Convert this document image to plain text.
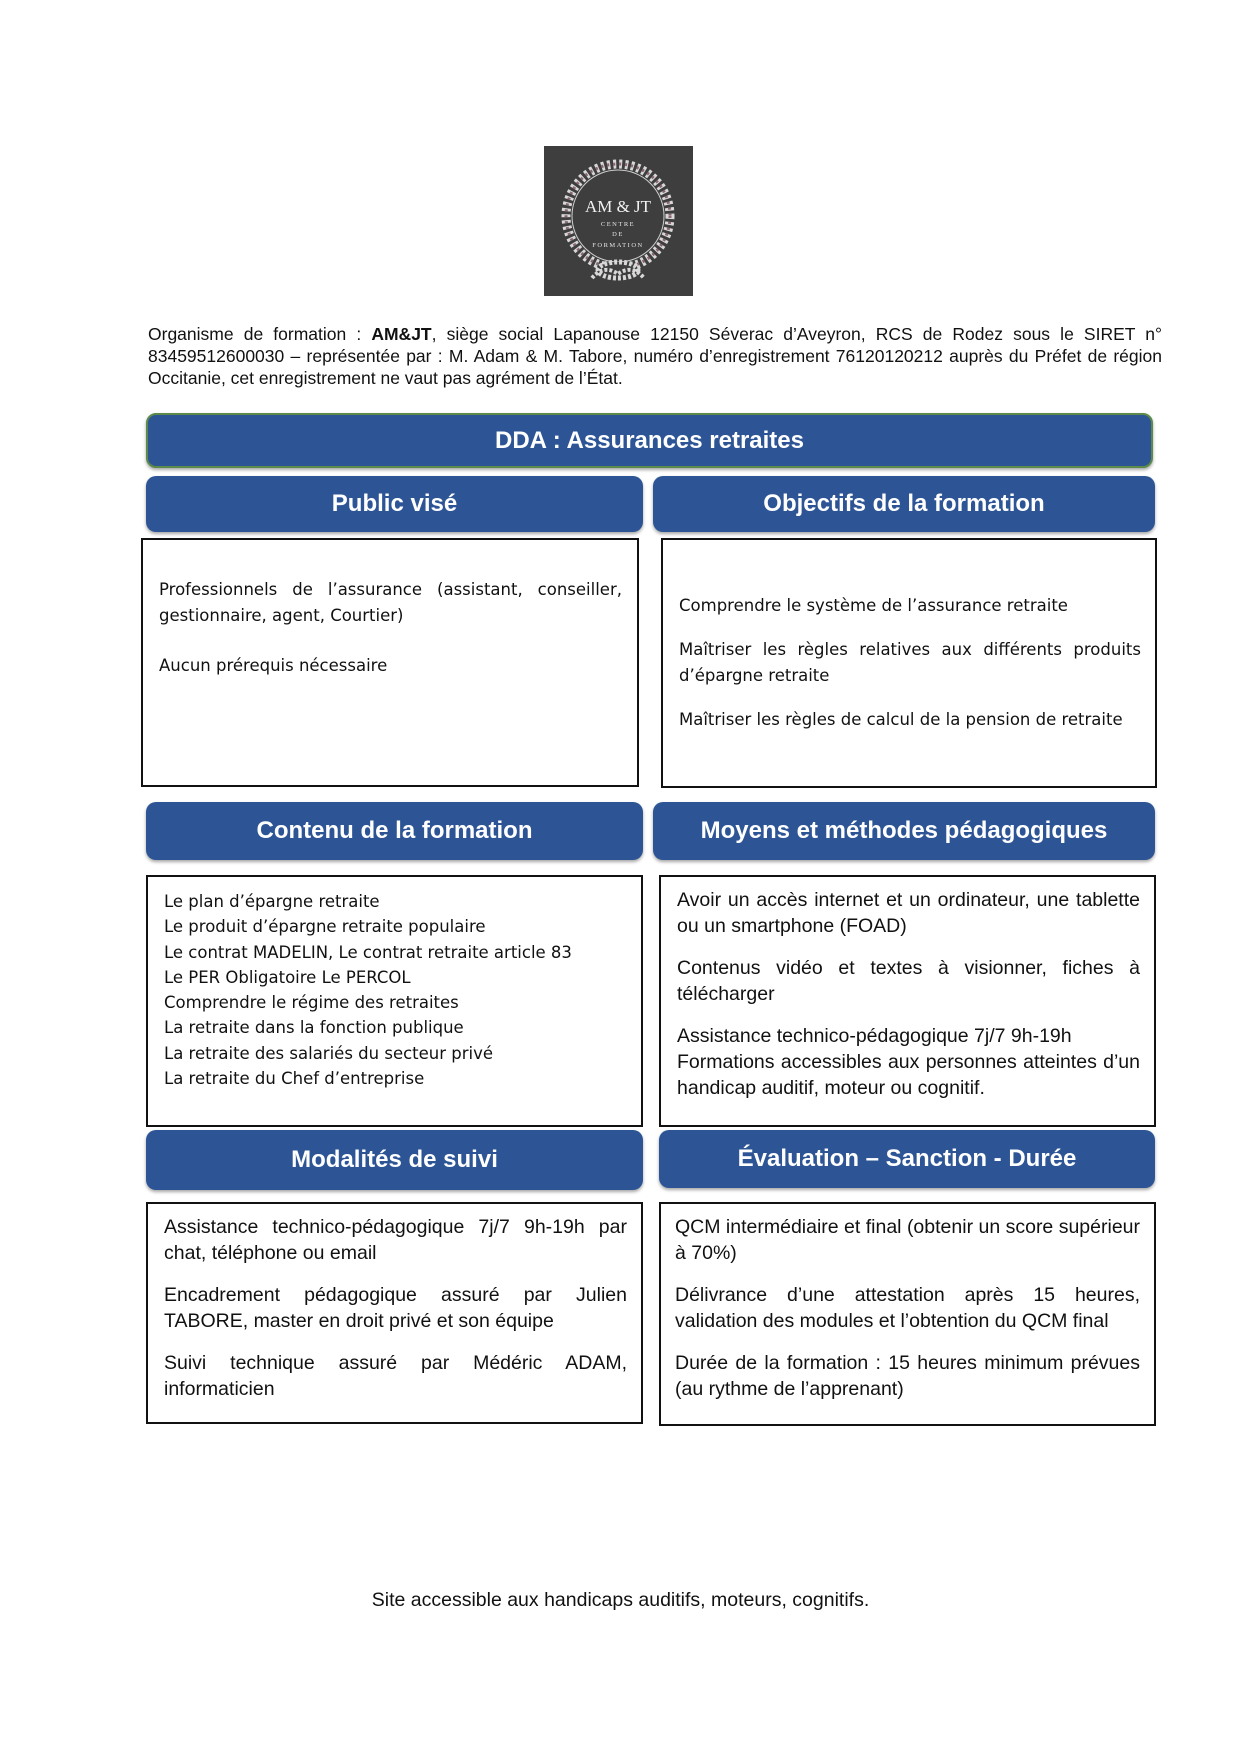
AM & JT
CENTRE
DE
FORMATION
Organisme de formation : AM&JT, siège social Lapanouse 12150 Séverac d’Aveyron, RCS de Rodez sous le SIRET n° 83459512600030 – représentée par : M. Adam & M. Tabore, numéro d’enregistrement 76120120212 auprès du Préfet de région Occitanie, cet enregistrement ne vaut pas agrément de l’État.
DDA : Assurances retraites
Public visé	Objectifs de la formation

Professionnels de l’assurance (assistant, conseiller, gestionnaire, agent, Courtier)

Aucun prérequis nécessaire

Comprendre le système de l’assurance retraite

Maîtriser les règles relatives aux différents produits d’épargne retraite

Maîtriser les règles de calcul de la pension de retraite

Contenu de la formation	Moyens et méthodes pédagogiques

Le plan d’épargne retraite

Le produit d’épargne retraite populaire

Le contrat MADELIN, Le contrat retraite article 83

Le PER Obligatoire Le PERCOL

Comprendre le régime des retraites

La retraite dans la fonction publique

La retraite des salariés du secteur privé

La retraite du Chef d’entreprise

Avoir un accès internet et un ordinateur, une tablette ou un smartphone (FOAD)

Contenus vidéo et textes à visionner, fiches à télécharger

Assistance technico-pédagogique 7j/7 9h-19h

Formations accessibles aux personnes atteintes d’un handicap auditif, moteur ou cognitif.

Modalités de suivi	Évaluation – Sanction - Durée

Assistance technico-pédagogique 7j/7 9h-19h par chat, téléphone ou email

Encadrement pédagogique assuré par Julien TABORE, master en droit privé et son équipe

Suivi technique assuré par Médéric ADAM, informaticien

QCM intermédiaire et final (obtenir un score supérieur à 70%)

Délivrance d’une attestation après 15 heures, validation des modules et l’obtention du QCM final

Durée de la formation : 15 heures minimum prévues (au rythme de l’apprenant)

Site accessible aux handicaps auditifs, moteurs, cognitifs.
